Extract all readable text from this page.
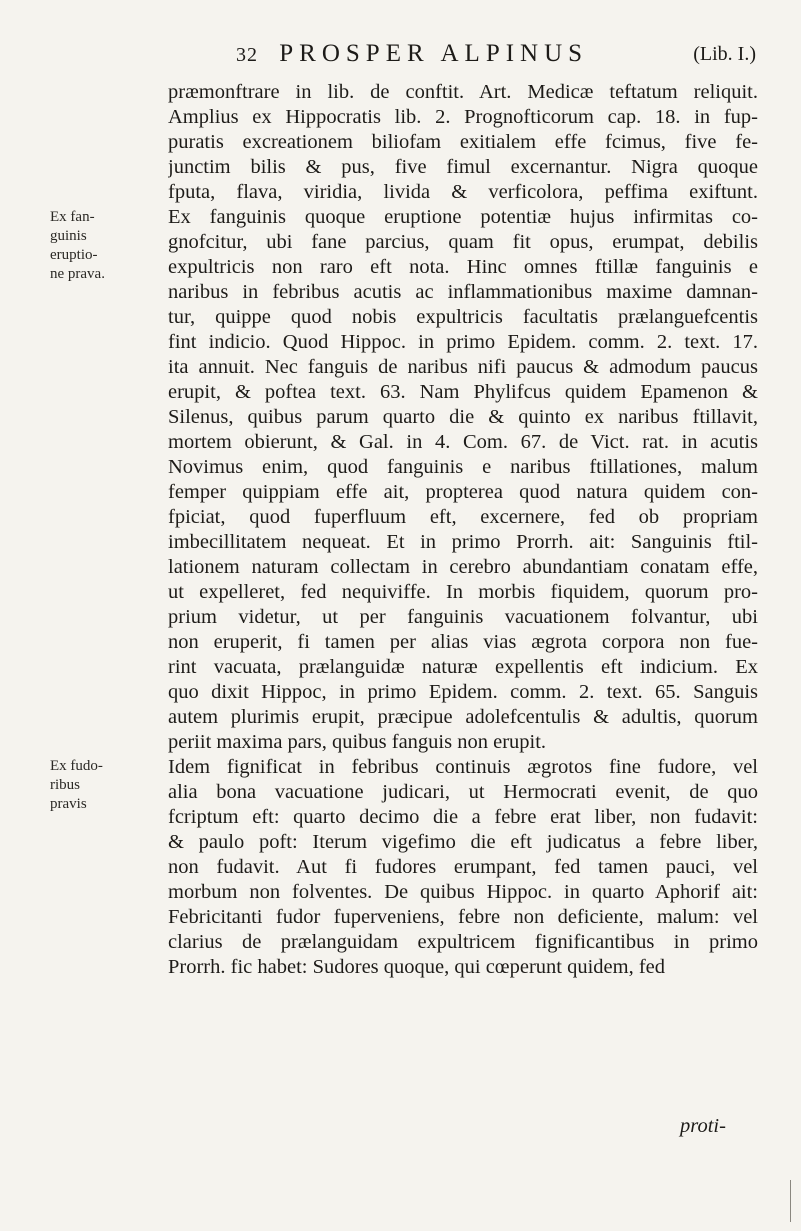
32 PROSPER ALPINUS	(Lib. I.)
Ex fan-
guinis
eruptio-
ne prava.
Ex fudo-
ribus
pravis
præmonftrare in lib. de conftit. Art. Medicæ teftatum reliquit.
Amplius ex Hippocratis lib. 2. Prognofticorum cap. 18. in fup-
puratis excreationem biliofam exitialem effe fcimus, five fe-
junctim bilis & pus, five fimul excernantur. Nigra quoque
fputa, flava, viridia, livida & verficolora, peffima exiftunt.
Ex fanguinis quoque eruptione potentiæ hujus infirmitas co-
gnofcitur, ubi fane parcius, quam fit opus, erumpat, debilis
expultricis non raro eft nota. Hinc omnes ftillæ fanguinis e
naribus in febribus acutis ac inflammationibus maxime damnan-
tur, quippe quod nobis expultricis facultatis prælanguefcentis
fint indicio. Quod Hippoc. in primo Epidem. comm. 2. text. 17.
ita annuit. Nec fanguis de naribus nifi paucus & admodum paucus
erupit, & poftea text. 63. Nam Phylifcus quidem Epamenon &
Silenus, quibus parum quarto die & quinto ex naribus ftillavit,
mortem obierunt, & Gal. in 4. Com. 67. de Vict. rat. in acutis
Novimus enim, quod fanguinis e naribus ftillationes, malum
femper quippiam effe ait, propterea quod natura quidem con-
fpiciat, quod fuperfluum eft, excernere, fed ob propriam
imbecillitatem nequeat. Et in primo Prorrh. ait: Sanguinis ftil-
lationem naturam collectam in cerebro abundantiam conatam effe,
ut expelleret, fed nequiviffe. In morbis fiquidem, quorum pro-
prium videtur, ut per fanguinis vacuationem folvantur, ubi
non eruperit, fi tamen per alias vias ægrota corpora non fue-
rint vacuata, prælanguidæ naturæ expellentis eft indicium. Ex
quo dixit Hippoc, in primo Epidem. comm. 2. text. 65. Sanguis
autem plurimis erupit, præcipue adolefcentulis & adultis, quorum
periit maxima pars, quibus fanguis non erupit.
Idem fignificat in febribus continuis ægrotos fine fudore, vel
alia bona vacuatione judicari, ut Hermocrati evenit, de quo
fcriptum eft: quarto decimo die a febre erat liber, non fudavit:
& paulo poft: Iterum vigefimo die eft judicatus a febre liber,
non fudavit. Aut fi fudores erumpant, fed tamen pauci, vel
morbum non folventes. De quibus Hippoc. in quarto Aphorif ait:
Febricitanti fudor fuperveniens, febre non deficiente, malum: vel
clarius de prælanguidam expultricem fignificantibus in primo
Prorrh. fic habet: Sudores quoque, qui cœperunt quidem, fed
proti-
